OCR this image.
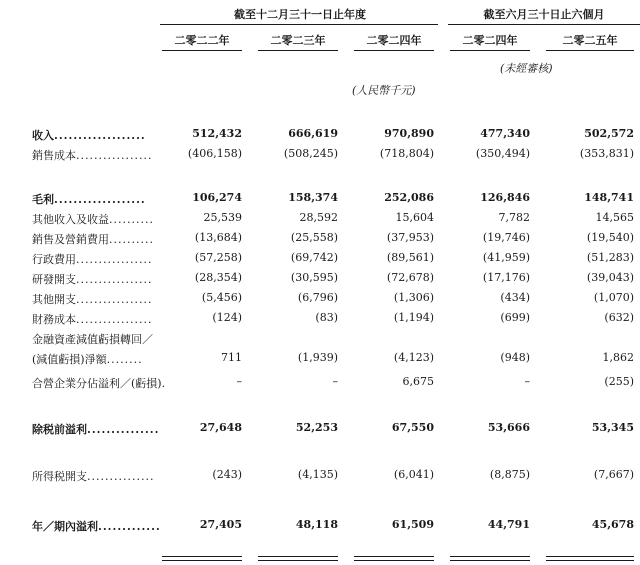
截至十二月三十一日止年度	截至六月三十日止六個月
二零二二年	二零二三年	二零二四年	二零二四年	二零二五年
(未經審核)
(人民幣千元)
收入...................	512,432	666,619	970,890	477,340	502,572
銷售成本.................	(406,158)	(508,245)	(718,804)	(350,494)	(353,831)
毛利...................	106,274	158,374	252,086	126,846	148,741
其他收入及收益..........	25,539	28,592	15,604	7,782	14,565
銷售及營銷費用..........	(13,684)	(25,558)	(37,953)	(19,746)	(19,540)
行政費用.................	(57,258)	(69,742)	(89,561)	(41,959)	(51,283)
研發開支.................	(28,354)	(30,595)	(72,678)	(17,176)	(39,043)
其他開支.................	(5,456)	(6,796)	(1,306)	(434)	(1,070)
財務成本.................	(124)	(83)	(1,194)	(699)	(632)
金融資產減值虧損轉回／
(減值虧損)淨額........	711	(1,939)	(4,123)	(948)	1,862
合營企業分佔溢利／(虧損).	–	–	6,675	–	(255)
除税前溢利...............	27,648	52,253	67,550	53,666	53,345
所得税開支...............	(243)	(4,135)	(6,041)	(8,875)	(7,667)
年／期內溢利.............	27,405	48,118	61,509	44,791	45,678
